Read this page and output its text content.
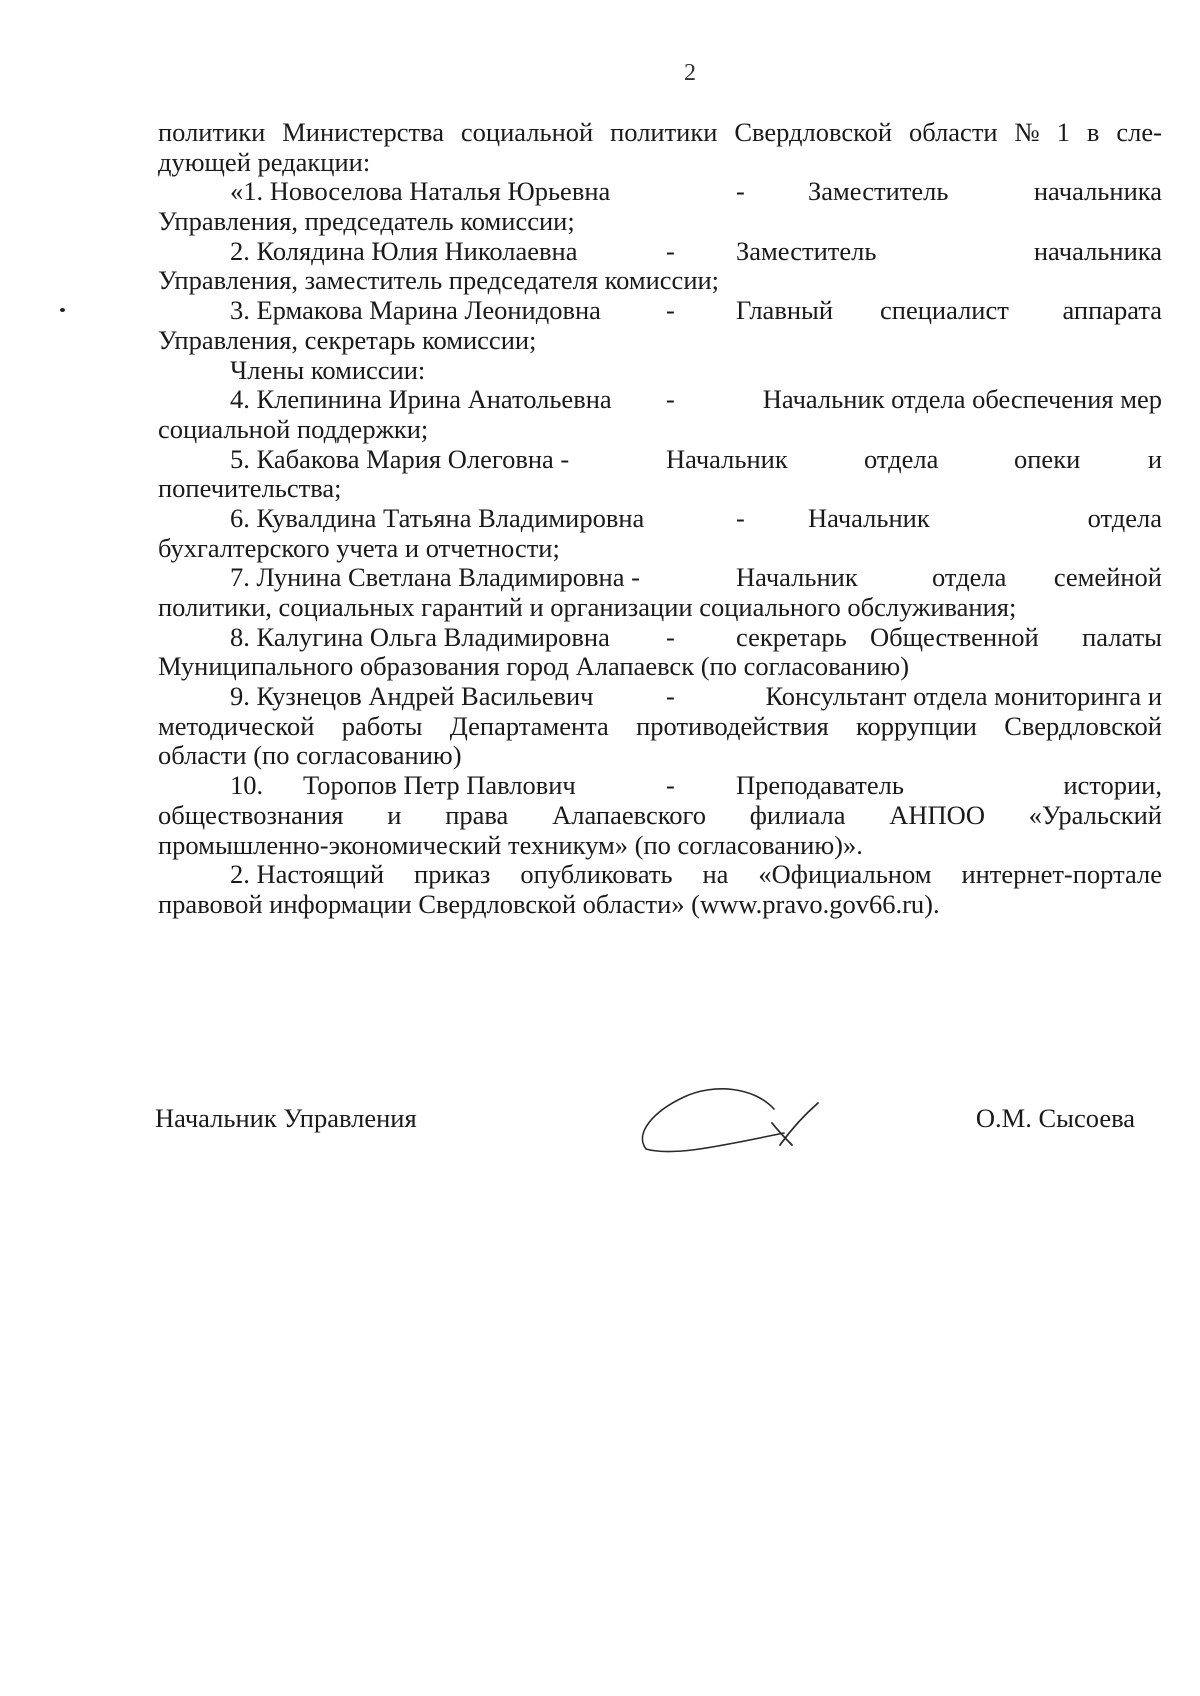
2
политики Министерства социальной политики Свердловской области № 1 в сле-
дующей редакции:
«1. Новоселова Наталья Юрьевна	- Заместитель	начальника
Управления, председатель комиссии;
2. Колядина Юлия Николаевна	- Заместитель	начальника
Управления, заместитель председателя комиссии;
3. Ермакова Марина Леонидовна - Главный специалист аппарата
Управления, секретарь комиссии;
Члены комиссии:
4. Клепинина Ирина Анатольевна -	Начальник отдела обеспечения мер
социальной поддержки;
5. Кабакова Мария Олеговна -	Начальник	отдела	опеки	и
попечительства;
6. Кувалдина Татьяна Владимировна	- Начальник	отдела
бухгалтерского учета и отчетности;
7. Лунина Светлана Владимировна -	Начальник	отдела семейной
политики, социальных гарантий и организации социального обслуживания;
8. Калугина Ольга Владимировна - секретарь Общественной палаты
Муниципального образования город Алапаевск (по согласованию)
9. Кузнецов Андрей Васильевич	-	Консультант отдела мониторинга и
методической работы Департамента противодействия коррупции Свердловской
области (по согласованию)
10. Торопов Петр Павлович	- Преподаватель	истории,
обществознания и права Алапаевского филиала АНПОО «Уральский
промышленно-экономический техникум» (по согласованию)».
2. Настоящий приказ опубликовать на «Официальном интернет-портале
правовой информации Свердловской области» (www.pravo.gov66.ru).
Начальник Управления	О.М. Сысоева
